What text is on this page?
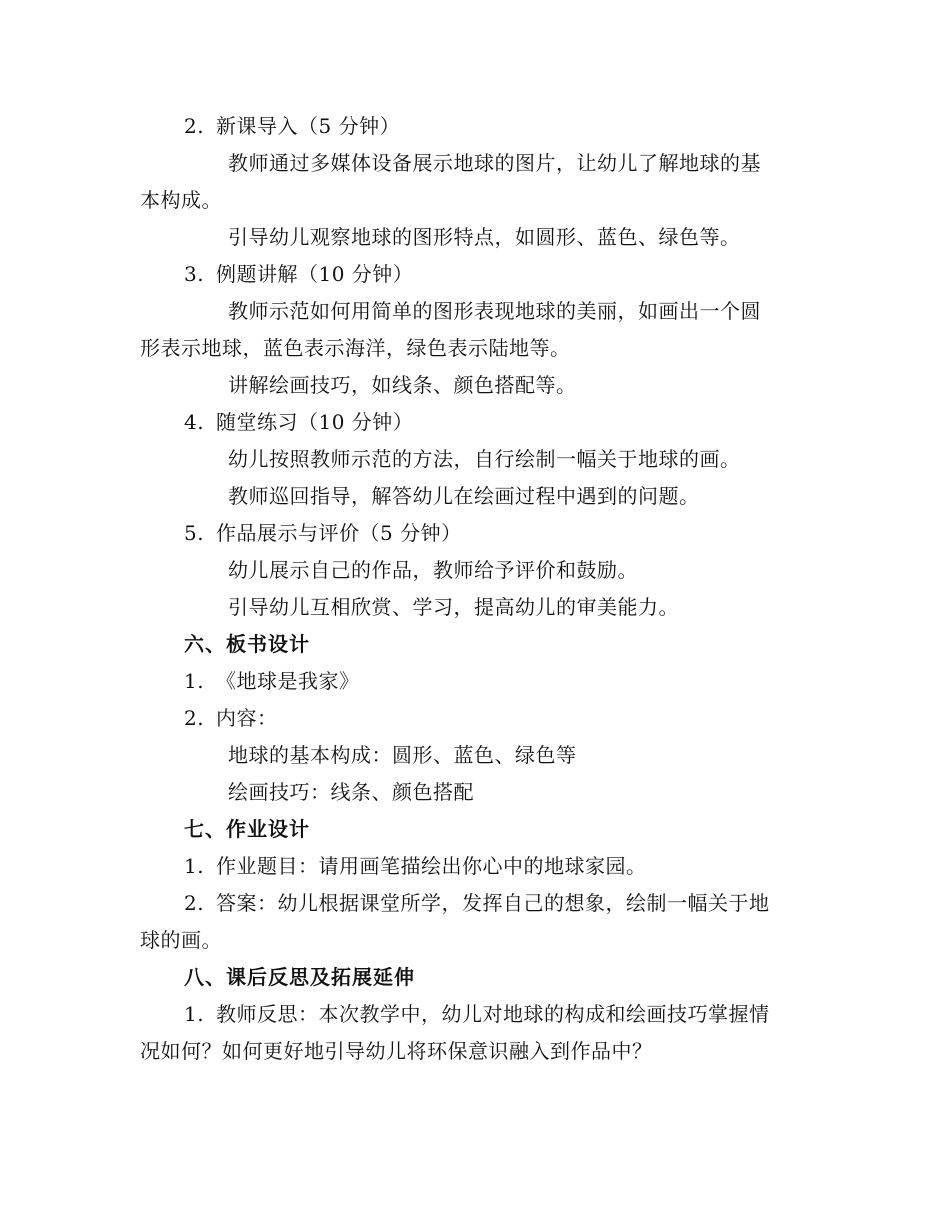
2. 新课导入（5 分钟）
教师通过多媒体设备展示地球的图片，让幼儿了解地球的基
本构成。
引导幼儿观察地球的图形特点，如圆形、蓝色、绿色等。
3. 例题讲解（10 分钟）
教师示范如何用简单的图形表现地球的美丽，如画出一个圆
形表示地球，蓝色表示海洋，绿色表示陆地等。
讲解绘画技巧，如线条、颜色搭配等。
4. 随堂练习（10 分钟）
幼儿按照教师示范的方法，自行绘制一幅关于地球的画。
教师巡回指导，解答幼儿在绘画过程中遇到的问题。
5. 作品展示与评价（5 分钟）
幼儿展示自己的作品，教师给予评价和鼓励。
引导幼儿互相欣赏、学习，提高幼儿的审美能力。
六、板书设计
1. 《地球是我家》
2. 内容：
地球的基本构成：圆形、蓝色、绿色等
绘画技巧：线条、颜色搭配
七、作业设计
1. 作业题目：请用画笔描绘出你心中的地球家园。
2. 答案：幼儿根据课堂所学，发挥自己的想象，绘制一幅关于地
球的画。
八、课后反思及拓展延伸
1. 教师反思：本次教学中，幼儿对地球的构成和绘画技巧掌握情
况如何？如何更好地引导幼儿将环保意识融入到作品中？
